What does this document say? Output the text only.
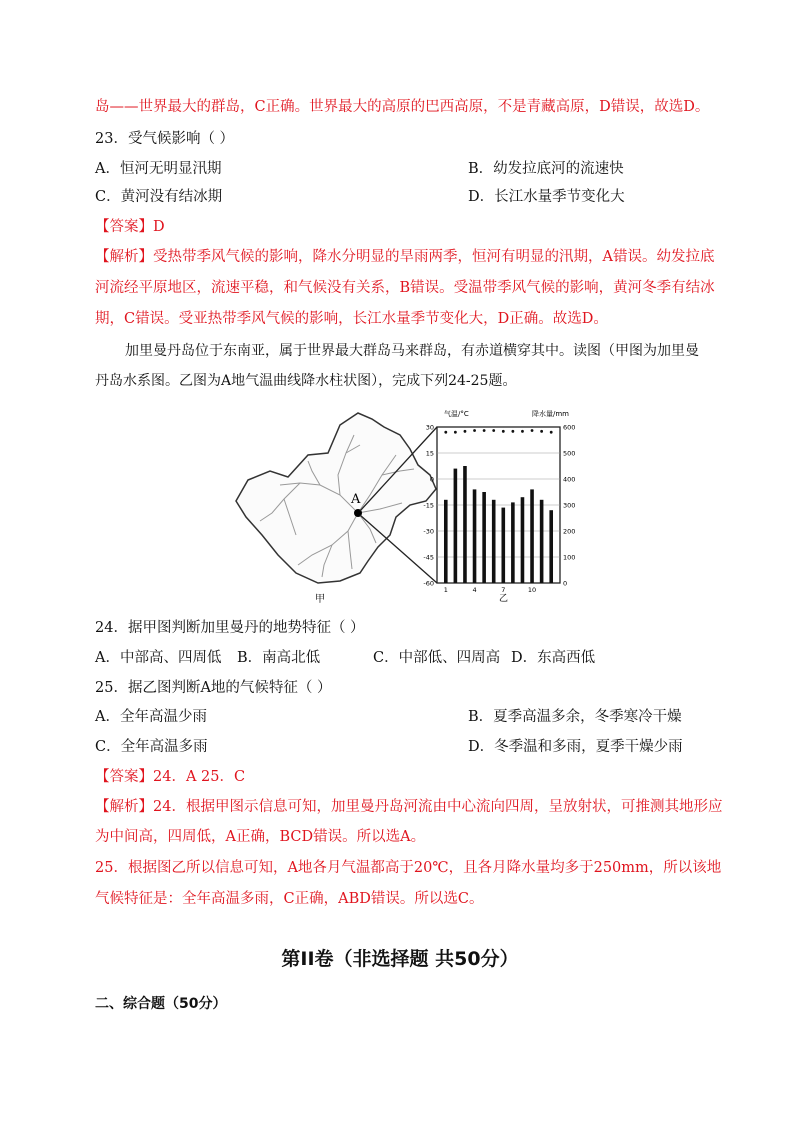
岛——世界最大的群岛，C正确。世界最大的高原的巴西高原，不是青藏高原，D错误，故选D。
23．受气候影响（ ）
A．恒河无明显汛期	B．幼发拉底河的流速快
C．黄河没有结冰期	D．长江水量季节变化大
【答案】D
【解析】受热带季风气候的影响，降水分明显的旱雨两季，恒河有明显的汛期，A错误。幼发拉底
河流经平原地区，流速平稳，和气候没有关系，B错误。受温带季风气候的影响，黄河冬季有结冰
期，C错误。受亚热带季风气候的影响，长江水量季节变化大，D正确。故选D。
加里曼丹岛位于东南亚，属于世界最大群岛马来群岛，有赤道横穿其中。读图（甲图为加里曼
丹岛水系图。乙图为A地气温曲线降水柱状图），完成下列24-25题。
A
甲
气温/°C	降水量/mm
30	600
15	500
0	400
-15	300
-30	200
-45	100
-60	0
1	4	7	10
乙
24．据甲图判断加里曼丹的地势特征（ ）
A．中部高、四周低 B．南高北低	C．中部低、四周高 D．东高西低
25．据乙图判断A地的气候特征（ ）
A．全年高温少雨	B．夏季高温多余，冬季寒冷干燥
C．全年高温多雨	D．冬季温和多雨，夏季干燥少雨
【答案】24．A 25．C
【解析】24．根据甲图示信息可知，加里曼丹岛河流由中心流向四周，呈放射状，可推测其地形应
为中间高，四周低，A正确，BCD错误。所以选A。
25．根据图乙所以信息可知，A地各月气温都高于20℃，且各月降水量均多于250mm，所以该地
气候特征是：全年高温多雨，C正确，ABD错误。所以选C。
第II卷（非选择题 共50分）
二、综合题（50分）
